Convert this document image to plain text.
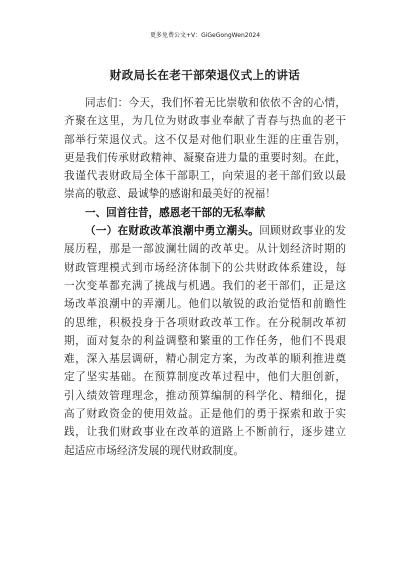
更多免费公文+V：GiGeGongWen2024
财政局长在老干部荣退仪式上的讲话
同志们：今天，我们怀着无比崇敬和依依不舍的心情，
齐聚在这里，为几位为财政事业奉献了青春与热血的老干
部举行荣退仪式。这不仅是对他们职业生涯的庄重告别，
更是我们传承财政精神、凝聚奋进力量的重要时刻。在此，
我谨代表财政局全体干部职工，向荣退的老干部们致以最
崇高的敬意、最诚挚的感谢和最美好的祝福！
一、回首往昔，感恩老干部的无私奉献
（一）在财政改革浪潮中勇立潮头。回顾财政事业的发
展历程，那是一部波澜壮阔的改革史。从计划经济时期的
财政管理模式到市场经济体制下的公共财政体系建设，每
一次变革都充满了挑战与机遇。我们的老干部们，正是这
场改革浪潮中的弄潮儿。他们以敏锐的政治觉悟和前瞻性
的思维，积极投身于各项财政改革工作。在分税制改革初
期，面对复杂的利益调整和繁重的工作任务，他们不畏艰
难，深入基层调研，精心制定方案，为改革的顺利推进奠
定了坚实基础。在预算制度改革过程中，他们大胆创新，
引入绩效管理理念，推动预算编制的科学化、精细化，提
高了财政资金的使用效益。正是他们的勇于探索和敢于实
践，让我们财政事业在改革的道路上不断前行，逐步建立
起适应市场经济发展的现代财政制度。
